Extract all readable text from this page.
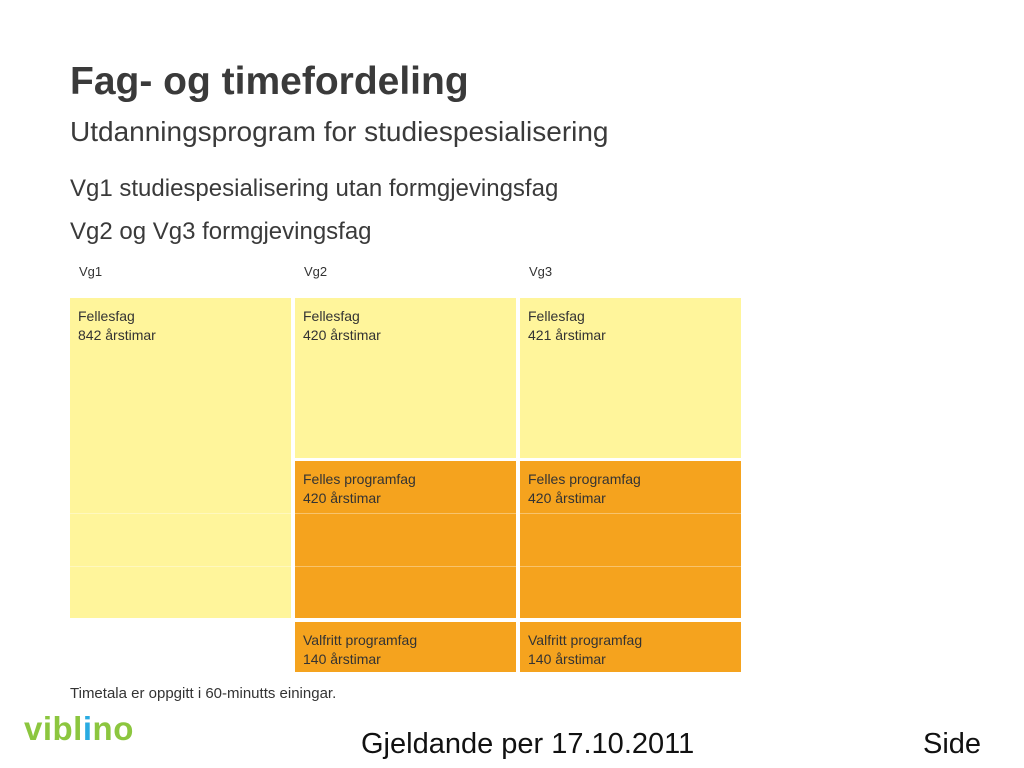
Fag- og timefordeling
Utdanningsprogram for studiespesialisering
Vg1 studiespesialisering utan formgjevingsfag
Vg2 og Vg3 formgjevingsfag
Vg1	Vg2	Vg3
Fellesfag
842 årstimar
Fellesfag
420 årstimar
Felles programfag
420 årstimar
Valfritt programfag
140 årstimar
Fellesfag
421 årstimar
Felles programfag
420 årstimar
Valfritt programfag
140 årstimar
Timetala er oppgitt i 60-minutts einingar.
viblino	Gjeldande per 17.10.2011	Side
